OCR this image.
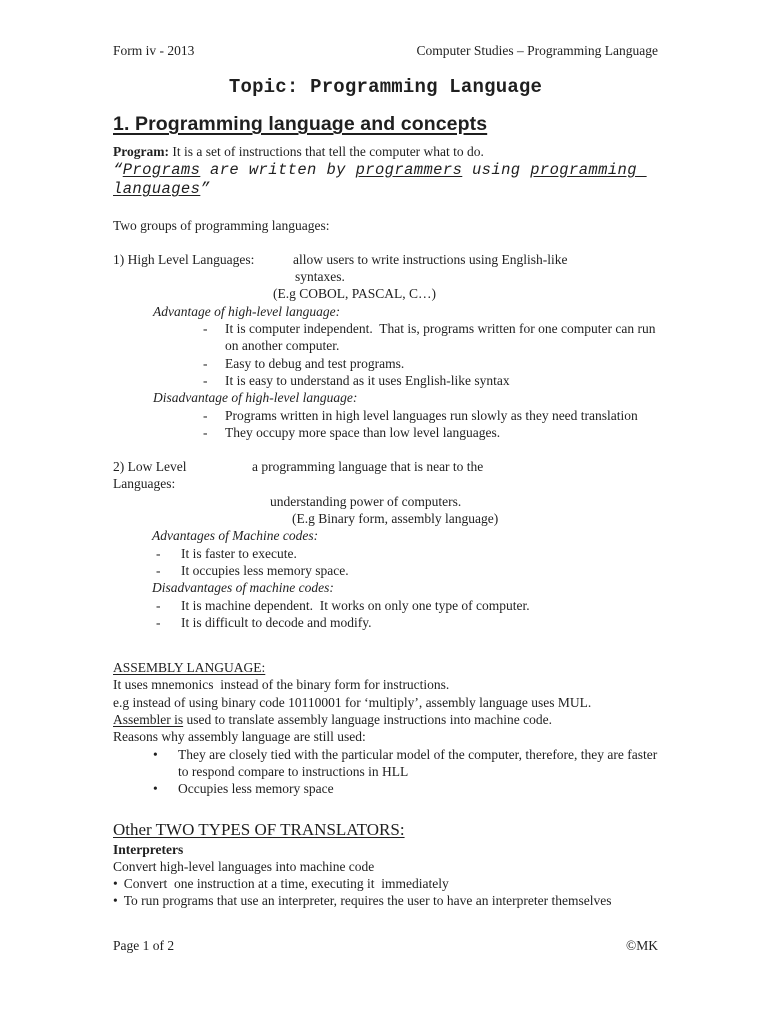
Form iv - 2013	Computer Studies – Programming Language
Topic: Programming Language
1. Programming language and concepts
Program: It is a set of instructions that tell the computer what to do.
“Programs are written by programmers using programming
languages”
Two groups of programming languages:
1) High Level Languages:	allow users to write instructions using English-like
syntaxes.
(E.g COBOL, PASCAL, C…)
Advantage of high-level language:
-	It is computer independent.  That is, programs written for one computer can run on another computer.
-	Easy to debug and test programs.
-	It is easy to understand as it uses English-like syntax
Disadvantage of high-level language:
-	Programs written in high level languages run slowly as they need translation
-	They occupy more space than low level languages.
2) Low Level Languages:
a programming language that is near to the
understanding power of computers.
(E.g Binary form, assembly language)
Advantages of Machine codes:
-	It is faster to execute.
-	It occupies less memory space.
Disadvantages of machine codes:
-	It is machine dependent.  It works on only one type of computer.
-	It is difficult to decode and modify.
ASSEMBLY LANGUAGE:
It uses mnemonics  instead of the binary form for instructions.
e.g instead of using binary code 10110001 for ‘multiply’, assembly language uses MUL.
Assembler is used to translate assembly language instructions into machine code.
Reasons why assembly language are still used:
•	They are closely tied with the particular model of the computer, therefore, they are faster to respond compare to instructions in HLL
•	Occupies less memory space
Other TWO TYPES OF TRANSLATORS:
Interpreters
Convert high-level languages into machine code
• Convert  one instruction at a time, executing it  immediately
• To run programs that use an interpreter, requires the user to have an interpreter themselves
Page 1 of 2	©MK
